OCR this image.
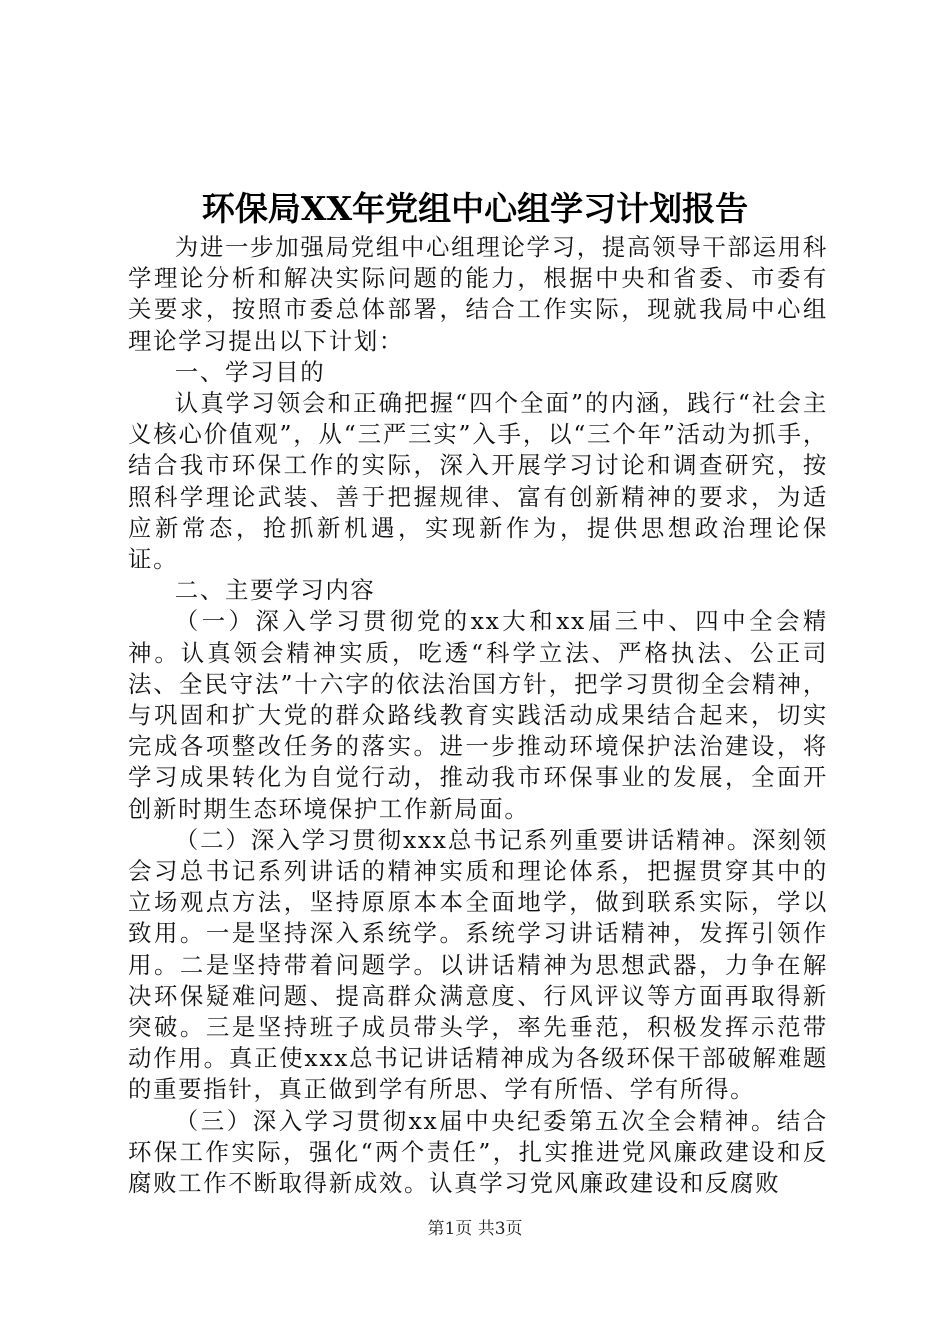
环保局XX年党组中心组学习计划报告

为进一步加强局党组中心组理论学习，提高领导干部运用科学理论分析和解决实际问题的能力，根据中央和省委、市委有关要求，按照市委总体部署，结合工作实际，现就我局中心组理论学习提出以下计划：

一、学习目的

认真学习领会和正确把握“四个全面”的内涵，践行“社会主义核心价值观”，从“三严三实”入手，以“三个年”活动为抓手，结合我市环保工作的实际，深入开展学习讨论和调查研究，按照科学理论武装、善于把握规律、富有创新精神的要求，为适应新常态，抢抓新机遇，实现新作为，提供思想政治理论保证。

二、主要学习内容

（一）深入学习贯彻党的xx大和xx届三中、四中全会精神。认真领会精神实质，吃透“科学立法、严格执法、公正司法、全民守法”十六字的依法治国方针，把学习贯彻全会精神，与巩固和扩大党的群众路线教育实践活动成果结合起来，切实完成各项整改任务的落实。进一步推动环境保护法治建设，将学习成果转化为自觉行动，推动我市环保事业的发展，全面开创新时期生态环境保护工作新局面。

（二）深入学习贯彻xxx总书记系列重要讲话精神。深刻领会习总书记系列讲话的精神实质和理论体系，把握贯穿其中的立场观点方法，坚持原原本本全面地学，做到联系实际，学以致用。一是坚持深入系统学。系统学习讲话精神，发挥引领作用。二是坚持带着问题学。以讲话精神为思想武器，力争在解决环保疑难问题、提高群众满意度、行风评议等方面再取得新突破。三是坚持班子成员带头学，率先垂范，积极发挥示范带动作用。真正使xxx总书记讲话精神成为各级环保干部破解难题的重要指针，真正做到学有所思、学有所悟、学有所得。

（三）深入学习贯彻xx届中央纪委第五次全会精神。结合环保工作实际，强化“两个责任”，扎实推进党风廉政建设和反腐败工作不断取得新成效。认真学习党风廉政建设和反腐败

第1页 共3页
